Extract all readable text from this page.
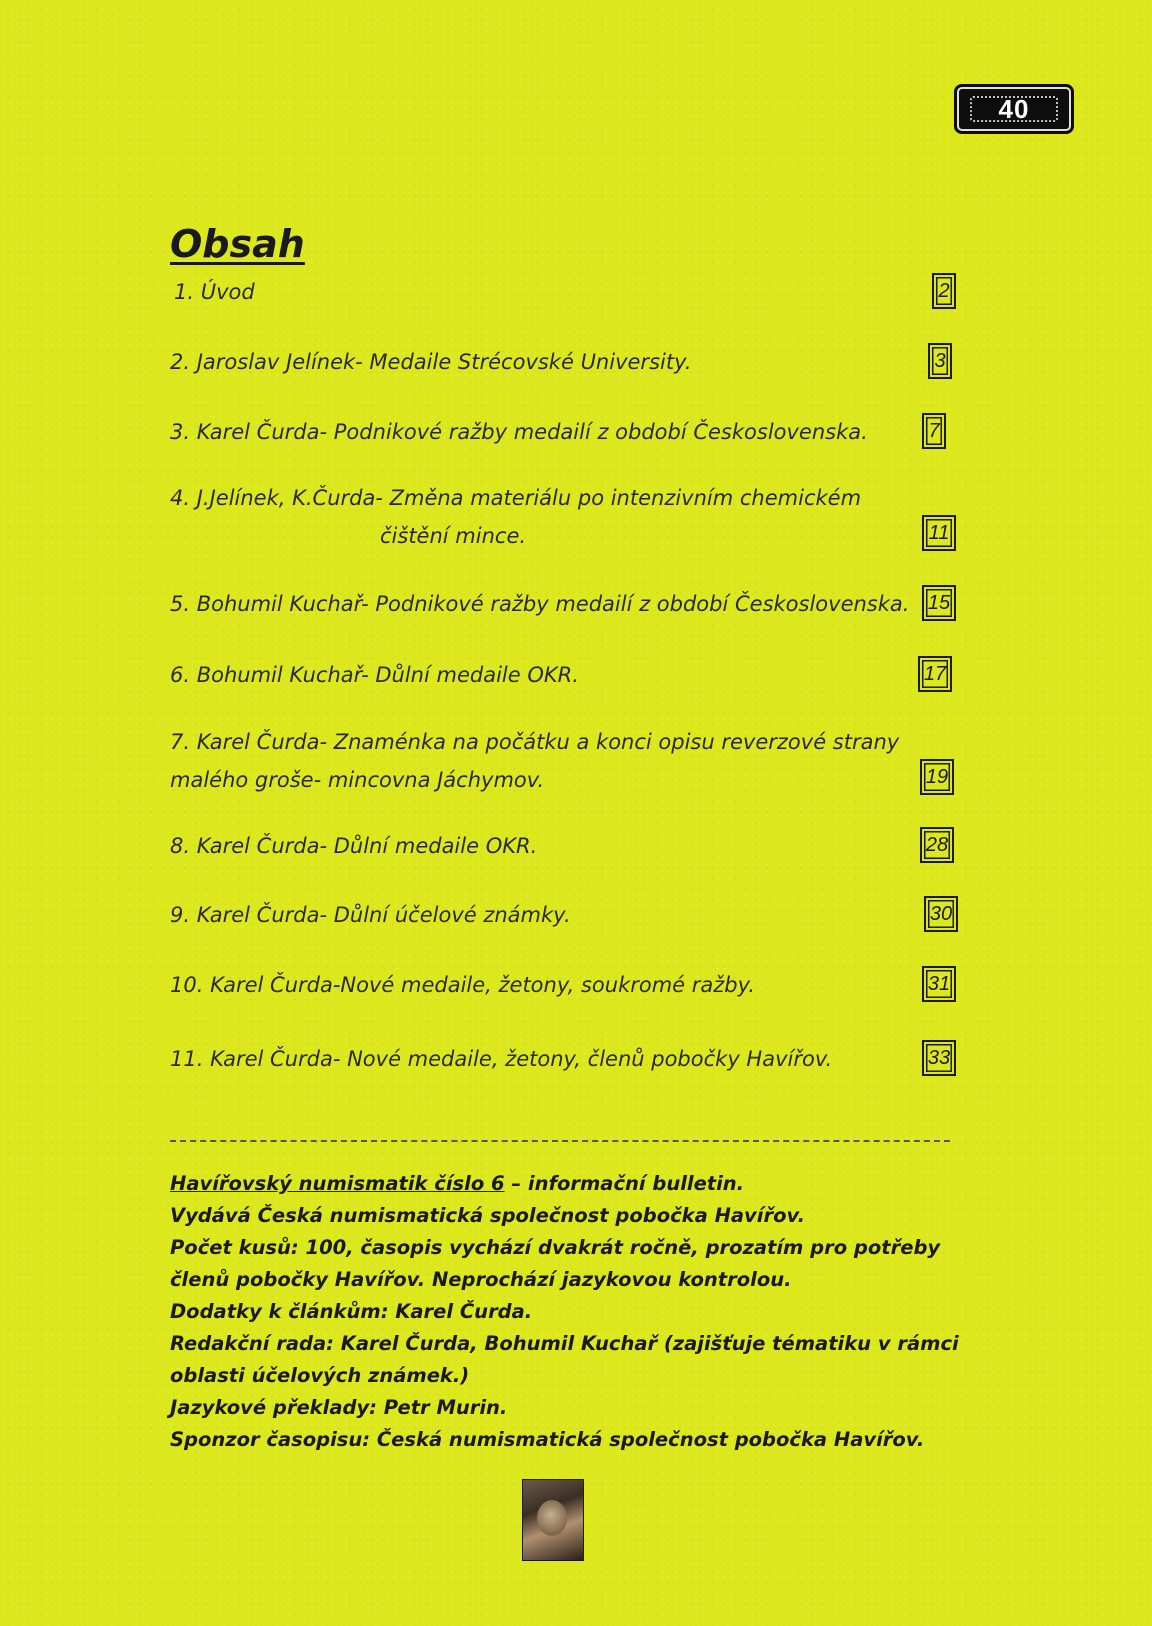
40
Obsah
1. Úvod	2
2. Jaroslav Jelínek- Medaile Strécovské University.	3
3. Karel Čurda- Podnikové ražby medailí z období Československa.	7
4. J.Jelínek, K.Čurda- Změna materiálu po intenzivním chemickém
čištění mince.	11
5. Bohumil Kuchař- Podnikové ražby medailí z období Československa. 15
6. Bohumil Kuchař- Důlní medaile OKR.	17
7. Karel Čurda- Znaménka na počátku a konci opisu reverzové strany
malého groše- mincovna Jáchymov.	19
8. Karel Čurda- Důlní medaile OKR.	28
9. Karel Čurda- Důlní účelové známky.	30
10. Karel Čurda-Nové medaile, žetony, soukromé ražby.	31
11. Karel Čurda- Nové medaile, žetony, členů pobočky Havířov.	33
Havířovský numismatik číslo 6 – informační bulletin.
Vydává Česká numismatická společnost pobočka Havířov.
Počet kusů: 100, časopis vychází dvakrát ročně, prozatím pro potřeby
členů pobočky Havířov. Neprochází jazykovou kontrolou.
Dodatky k článkům: Karel Čurda.
Redakční rada: Karel Čurda, Bohumil Kuchař (zajišťuje tématiku v rámci
oblasti účelových známek.)
Jazykové překlady: Petr Murin.
Sponzor časopisu: Česká numismatická společnost pobočka Havířov.
